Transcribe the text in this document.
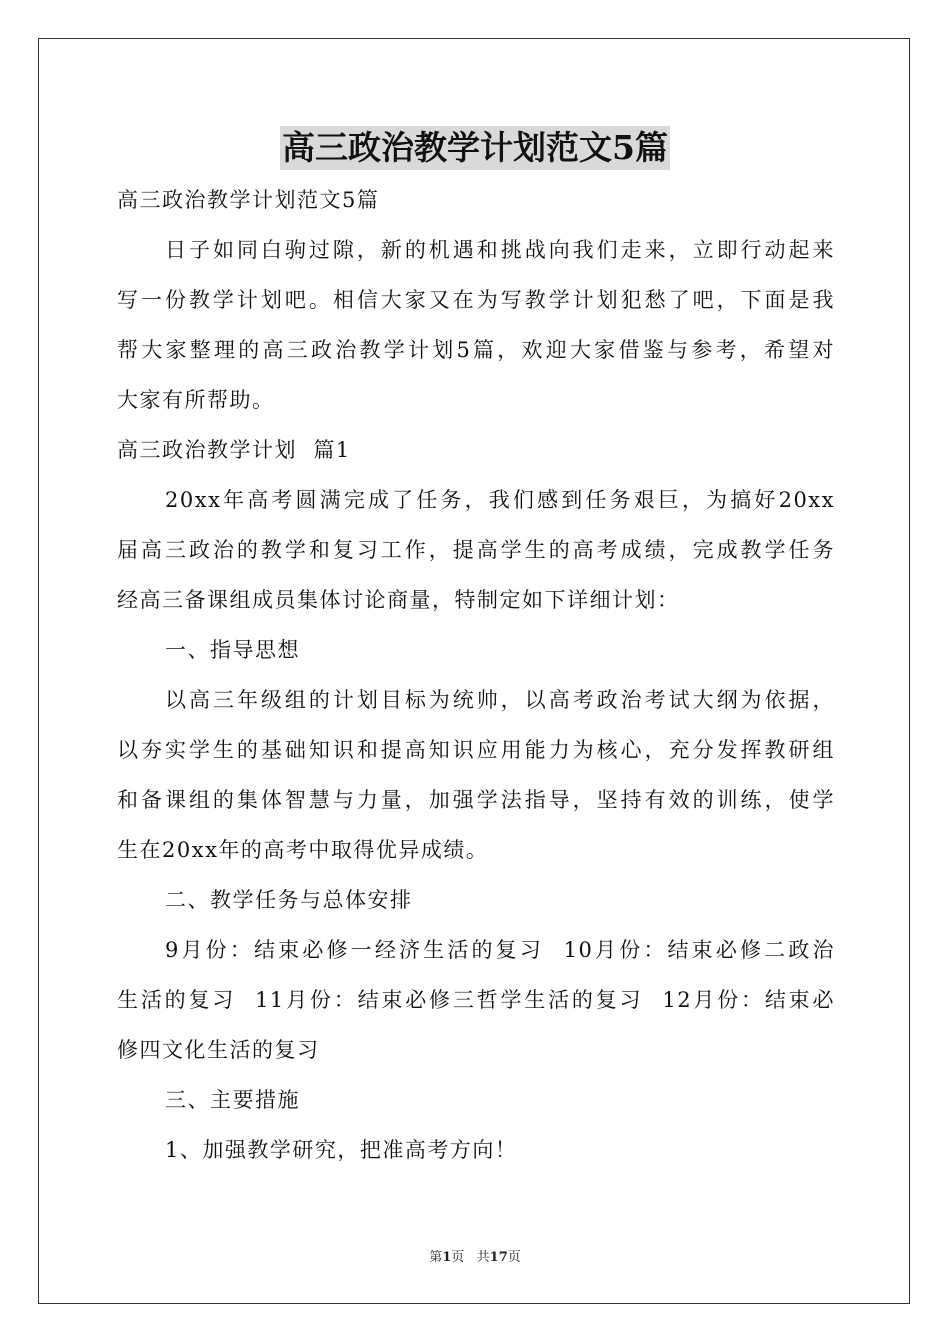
高三政治教学计划范文5篇
高三政治教学计划范文5篇
日子如同白驹过隙，新的机遇和挑战向我们走来，立即行动起来
写一份教学计划吧。相信大家又在为写教学计划犯愁了吧，下面是我
帮大家整理的高三政治教学计划5篇，欢迎大家借鉴与参考，希望对
大家有所帮助。
高三政治教学计划  篇1
20xx年高考圆满完成了任务，我们感到任务艰巨，为搞好20xx
届高三政治的教学和复习工作，提高学生的高考成绩，完成教学任务
经高三备课组成员集体讨论商量，特制定如下详细计划：
一、指导思想
以高三年级组的计划目标为统帅，以高考政治考试大纲为依据，
以夯实学生的基础知识和提高知识应用能力为核心，充分发挥教研组
和备课组的集体智慧与力量，加强学法指导，坚持有效的训练，使学
生在20xx年的高考中取得优异成绩。
二、教学任务与总体安排
9月份：结束必修一经济生活的复习  10月份：结束必修二政治
生活的复习  11月份：结束必修三哲学生活的复习  12月份：结束必
修四文化生活的复习
三、主要措施
1、加强教学研究，把准高考方向！
第1页   共17页
